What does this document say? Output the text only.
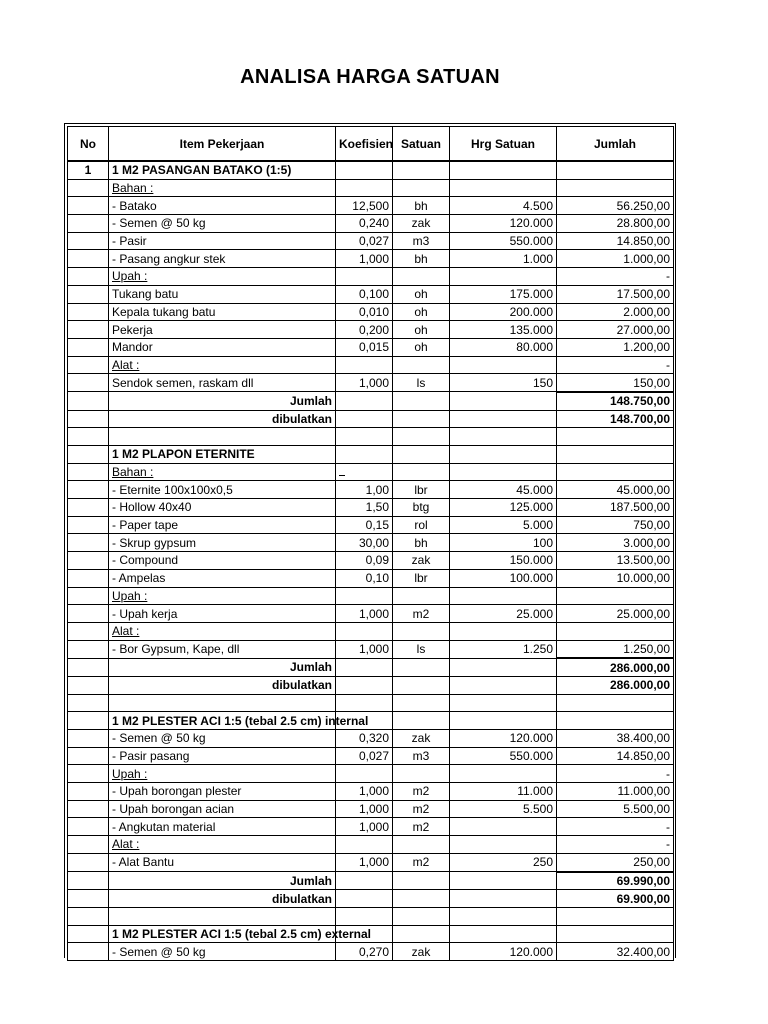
ANALISA HARGA SATUAN
No	Item Pekerjaan	Koefisien	Satuan	Hrg Satuan	Jumlah
1	1 M2 PASANGAN BATAKO (1:5)				
	Bahan :				
	- Batako	12,500	bh	4.500	56.250,00
	- Semen @ 50 kg	0,240	zak	120.000	28.800,00
	- Pasir	0,027	m3	550.000	14.850,00
	- Pasang angkur stek	1,000	bh	1.000	1.000,00
	Upah :				-
	Tukang batu	0,100	oh	175.000	17.500,00
	Kepala tukang batu	0,010	oh	200.000	2.000,00
	Pekerja	0,200	oh	135.000	27.000,00
	Mandor	0,015	oh	80.000	1.200,00
	Alat :				-
	Sendok semen, raskam dll	1,000	ls	150	150,00
	Jumlah				148.750,00
	dibulatkan				148.700,00

	1 M2 PLAPON ETERNITE				
	Bahan :				
	- Eternite 100x100x0,5	1,00	lbr	45.000	45.000,00
	- Hollow 40x40	1,50	btg	125.000	187.500,00
	- Paper tape	0,15	rol	5.000	750,00
	- Skrup gypsum	30,00	bh	100	3.000,00
	- Compound	0,09	zak	150.000	13.500,00
	- Ampelas	0,10	lbr	100.000	10.000,00
	Upah :				
	- Upah kerja	1,000	m2	25.000	25.000,00
	Alat :				
	- Bor Gypsum, Kape, dll	1,000	ls	1.250	1.250,00
	Jumlah				286.000,00
	dibulatkan				286.000,00

	1 M2 PLESTER ACI 1:5 (tebal 2.5 cm) internal				
	- Semen @ 50 kg	0,320	zak	120.000	38.400,00
	- Pasir pasang	0,027	m3	550.000	14.850,00
	Upah :				-
	- Upah borongan plester	1,000	m2	11.000	11.000,00
	- Upah borongan acian	1,000	m2	5.500	5.500,00
	- Angkutan material	1,000	m2		-
	Alat :				-
	- Alat Bantu	1,000	m2	250	250,00
	Jumlah				69.990,00
	dibulatkan				69.900,00

	1 M2 PLESTER ACI 1:5 (tebal 2.5 cm) external				
	- Semen @ 50 kg	0,270	zak	120.000	32.400,00
